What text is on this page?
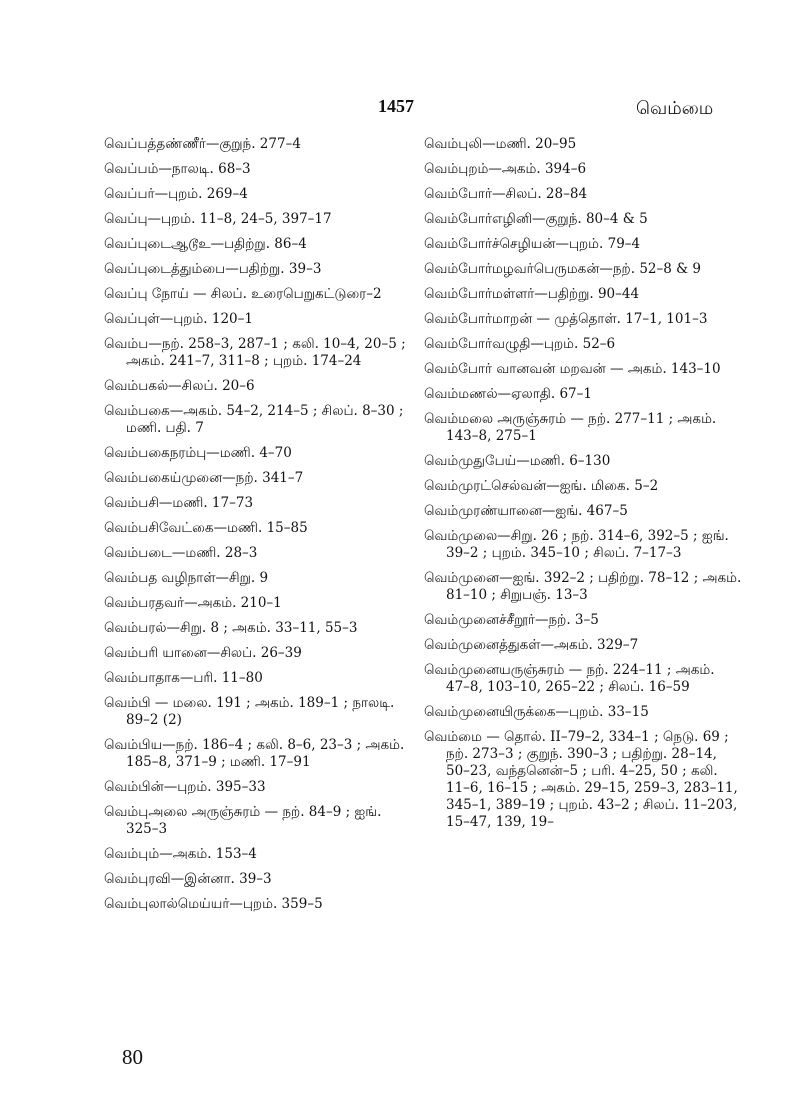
1457	வெம்மை
வெப்பத்தண்ணீர்—குறுந். 277–4
வெப்பம்—நாலடி. 68–3
வெப்பர்—புறம். 269–4
வெப்பு—புறம். 11–8, 24–5, 397–17
வெப்புடைஆடூஉ—பதிற்று. 86–4
வெப்புடைத்தும்பை—பதிற்று. 39–3
வெப்பு நோய் — சிலப். உரைபெறுகட்டுரை–2
வெப்புள்—புறம். 120–1
வெம்ப—நற். 258–3, 287–1 ; கலி. 10–4, 20–5 ; அகம். 241–7, 311–8 ; புறம். 174–24
வெம்பகல்—சிலப். 20–6
வெம்பகை—அகம். 54–2, 214–5 ; சிலப். 8–30 ; மணி. பதி. 7
வெம்பகைநரம்பு—மணி. 4–70
வெம்பகைய்முனை—நற். 341–7
வெம்பசி—மணி. 17–73
வெம்பசிவேட்கை—மணி. 15–85
வெம்படை—மணி. 28–3
வெம்பத வழிநாள்—சிறு. 9
வெம்பரதவர்—அகம். 210–1
வெம்பரல்—சிறு. 8 ; அகம். 33–11, 55–3
வெம்பரி யானை—சிலப். 26–39
வெம்பாதாக—பரி. 11–80
வெம்பி — மலை. 191 ; அகம். 189–1 ; நாலடி. 89–2 (2)
வெம்பிய—நற். 186–4 ; கலி. 8–6, 23–3 ; அகம். 185–8, 371–9 ; மணி. 17–91
வெம்பின்—புறம். 395–33
வெம்புஅலை அருஞ்சுரம் — நற். 84–9 ; ஐங். 325–3
வெம்பும்—அகம். 153–4
வெம்புரவி—இன்னா. 39–3
வெம்புலால்மெய்யர்—புறம். 359–5
வெம்புலி—மணி. 20–95
வெம்புறம்—அகம். 394–6
வெம்போர்—சிலப். 28–84
வெம்போர்எழினி—குறுந். 80–4 & 5
வெம்போர்ச்செழியன்—புறம். 79–4
வெம்போர்மழவர்பெருமகன்—நற். 52–8 & 9
வெம்போர்மள்ளர்—பதிற்று. 90–44
வெம்போர்மாறன் — முத்தொள். 17–1, 101–3
வெம்போர்வழுதி—புறம். 52–6
வெம்போர் வானவன் மறவன் — அகம். 143–10
வெம்மணல்—ஏலாதி. 67–1
வெம்மலை அருஞ்சுரம் — நற். 277–11 ; அகம். 143–8, 275–1
வெம்முதுபேய்—மணி. 6–130
வெம்முரட்செல்வன்—ஐங். மிகை. 5–2
வெம்முரண்யானை—ஐங். 467–5
வெம்முலை—சிறு. 26 ; நற். 314–6, 392–5 ; ஐங். 39–2 ; புறம். 345–10 ; சிலப். 7–17–3
வெம்முனை—ஐங். 392–2 ; பதிற்று. 78–12 ; அகம். 81–10 ; சிறுபஞ். 13–3
வெம்முனைச்சீறூர்—நற். 3–5
வெம்முனைத்துகள்—அகம். 329–7
வெம்முனையருஞ்சுரம் — நற். 224–11 ; அகம். 47–8, 103–10, 265–22 ; சிலப். 16–59
வெம்முனையிருக்கை—புறம். 33–15
வெம்மை — தொல். II–79–2, 334–1 ; நெடு. 69 ; நற். 273–3 ; குறுந். 390–3 ; பதிற்று. 28–14, 50–23, வந்தனென்–5 ; பரி. 4–25, 50 ; கலி. 11–6, 16–15 ; அகம். 29–15, 259–3, 283–11, 345–1, 389–19 ; புறம். 43–2 ; சிலப். 11–203, 15–47, 139, 19–
80
